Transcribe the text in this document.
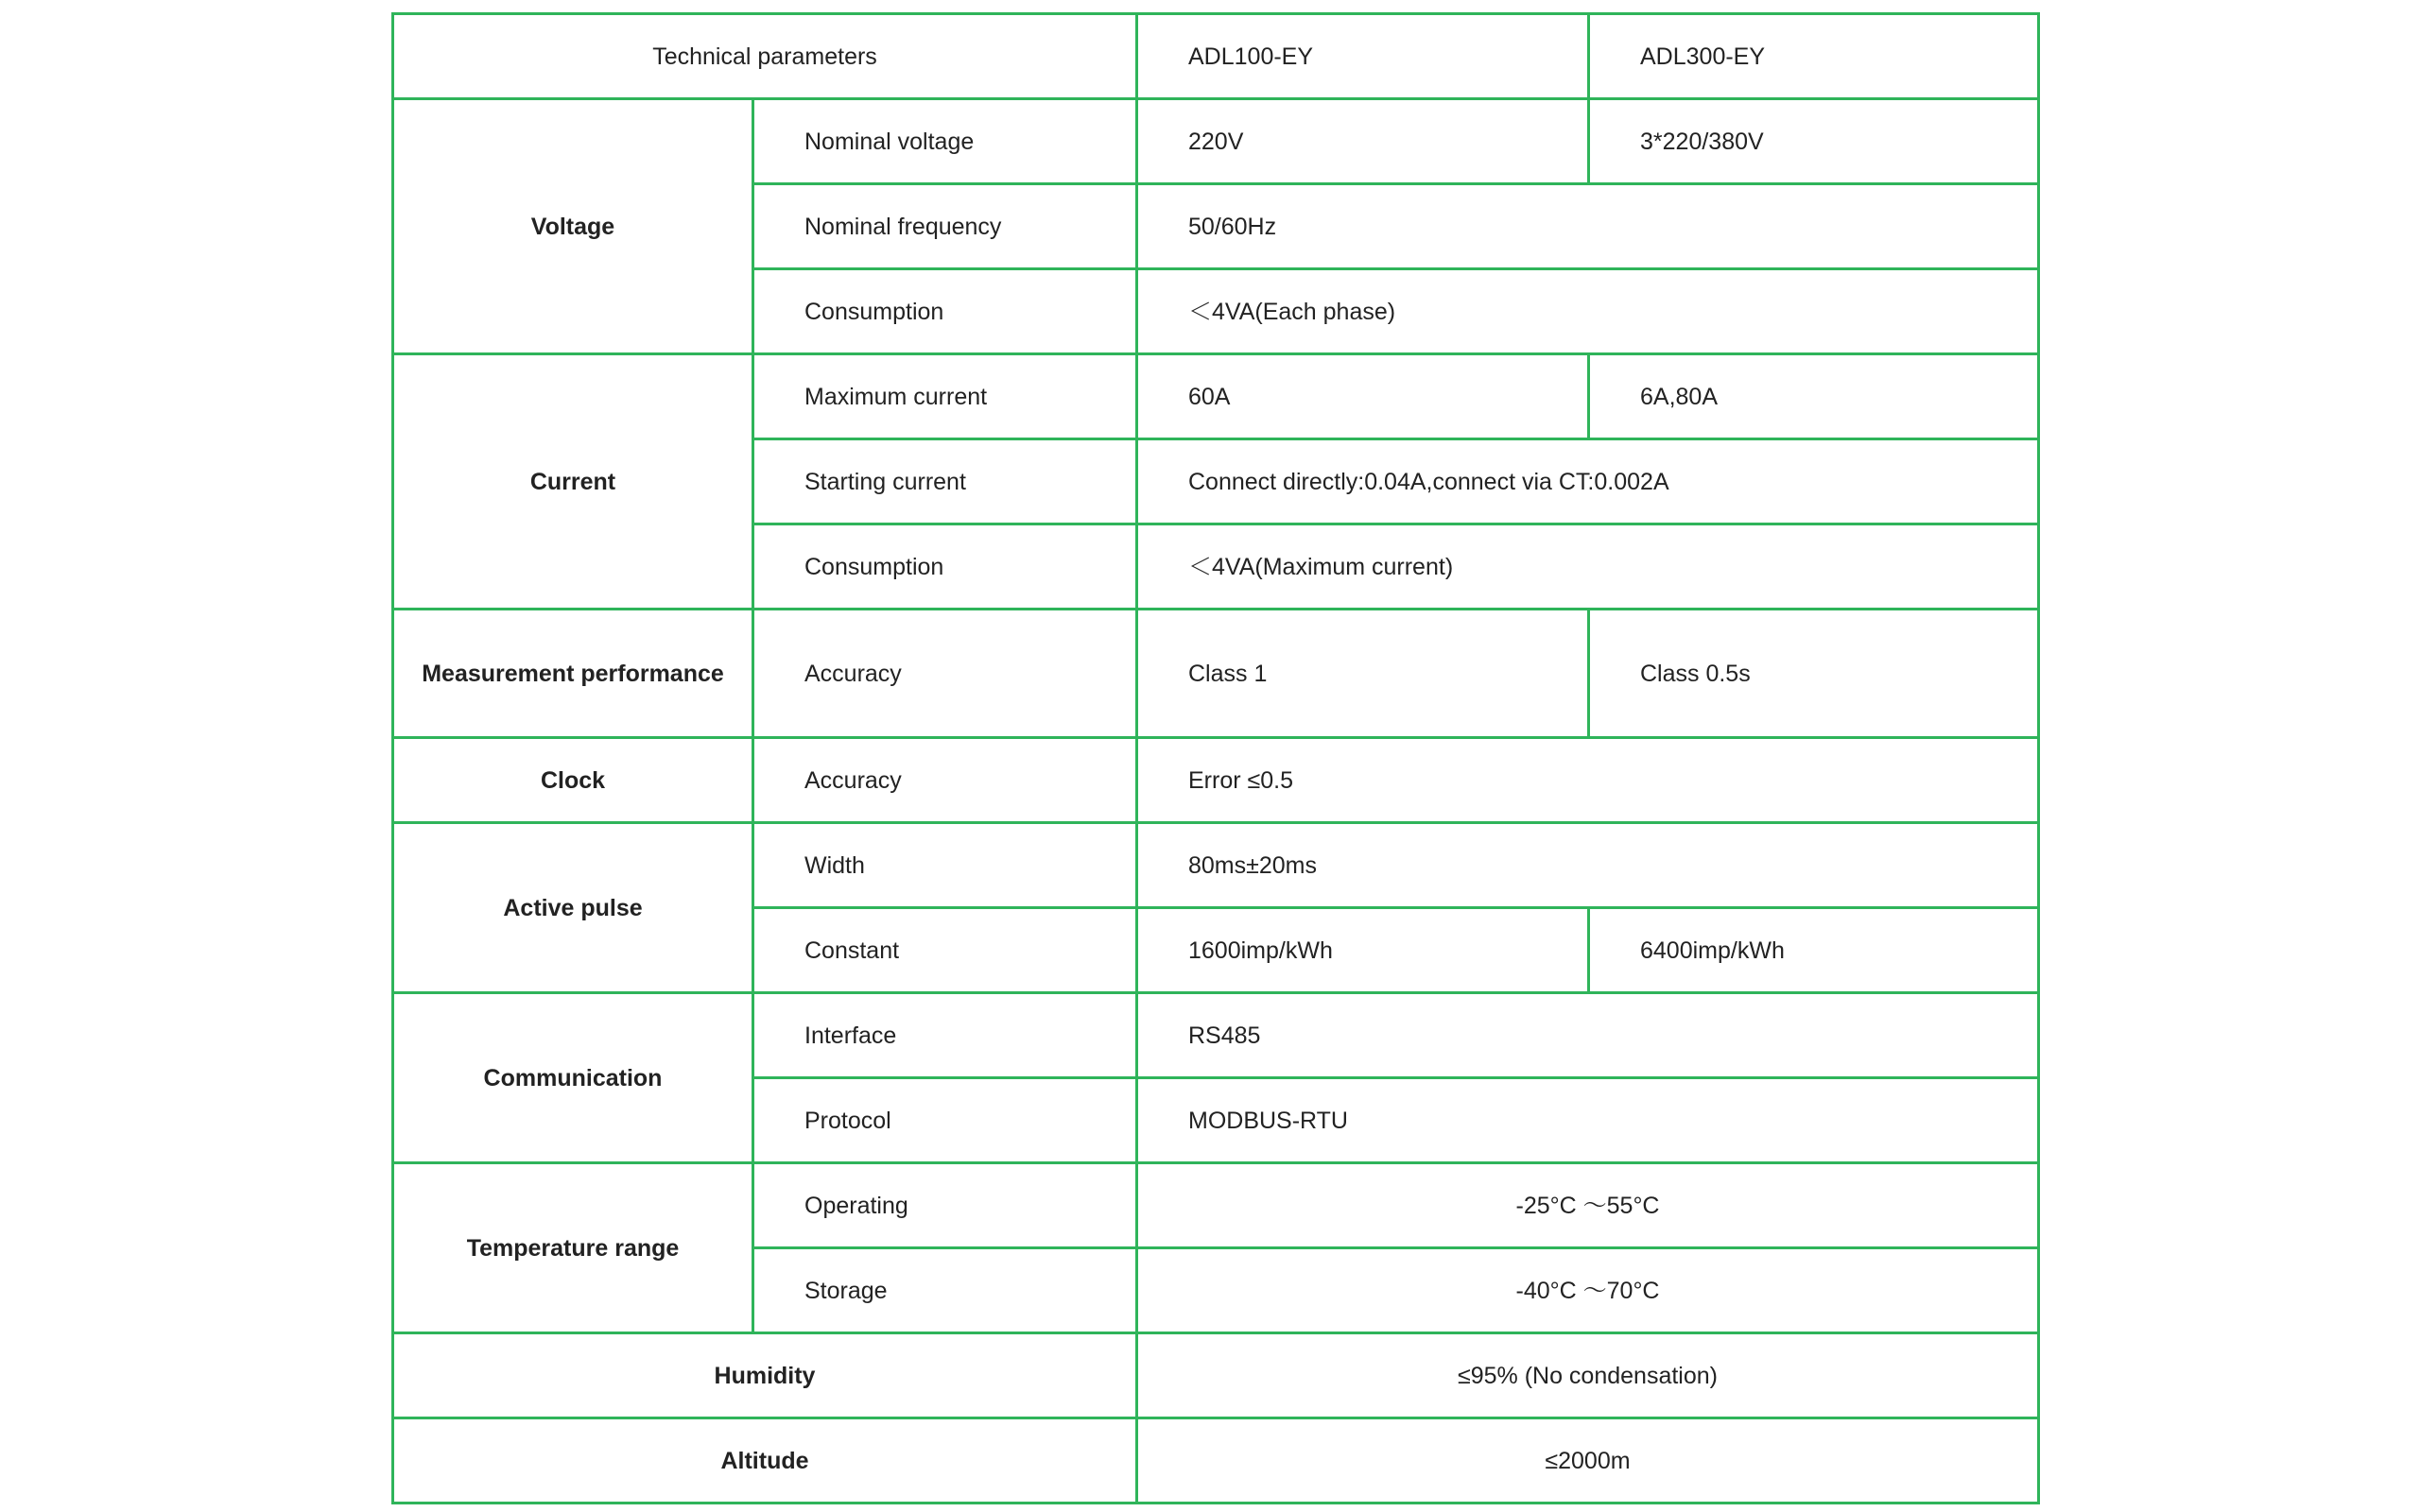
Technical parameters		ADL100-EY	ADL300-EY
Voltage	Nominal voltage	220V	3*220/380V
	Nominal frequency	50/60Hz	
	Consumption	＜4VA(Each phase)	
Current	Maximum current	60A	6A,80A
	Starting current	Connect directly:0.04A,connect via CT:0.002A	
	Consumption	＜4VA(Maximum current)	
Measurement performance	Accuracy	Class 1	Class 0.5s
Clock	Accuracy	Error ≤0.5	
Active pulse	Width	80ms±20ms	
	Constant	1600imp/kWh	6400imp/kWh
Communication	Interface	RS485	
	Protocol	MODBUS-RTU	
Temperature range	Operating	-25°C ～55°C	
	Storage	-40°C ～70°C	
Humidity		≤95% (No condensation)	
Altitude		≤2000m	
